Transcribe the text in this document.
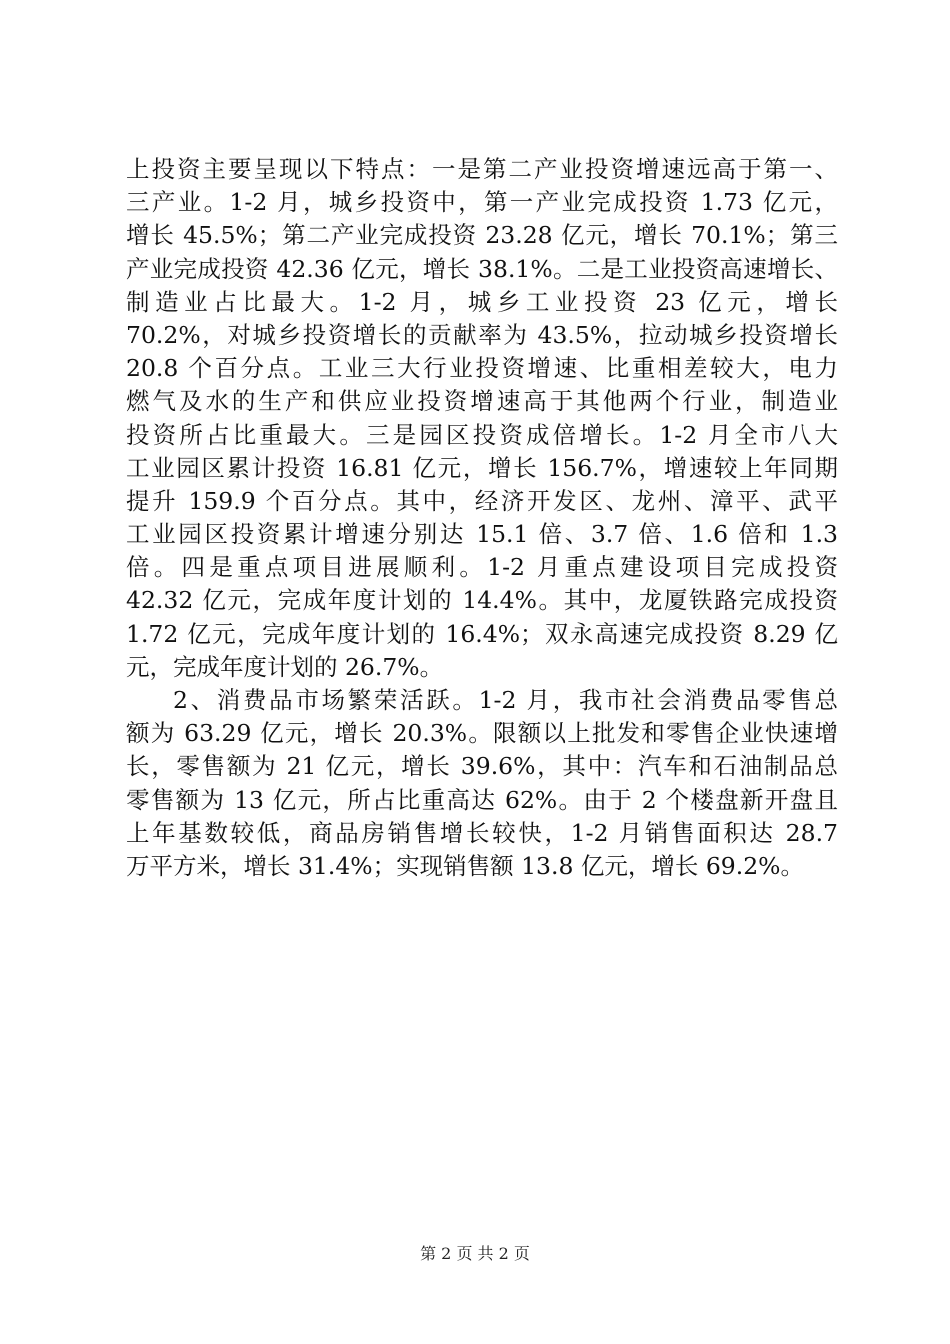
上投资主要呈现以下特点：一是第二产业投资增速远高于第一、
三产业。1-2 月，城乡投资中，第一产业完成投资 1.73 亿元，
增长 45.5%；第二产业完成投资 23.28 亿元，增长 70.1%；第三
产业完成投资 42.36 亿元，增长 38.1%。二是工业投资高速增长、
制造业占比最大。1-2 月，城乡工业投资 23 亿元，增长
70.2%，对城乡投资增长的贡献率为 43.5%，拉动城乡投资增长
20.8 个百分点。工业三大行业投资增速、比重相差较大，电力
燃气及水的生产和供应业投资增速高于其他两个行业，制造业
投资所占比重最大。三是园区投资成倍增长。1-2 月全市八大
工业园区累计投资 16.81 亿元，增长 156.7%，增速较上年同期
提升 159.9 个百分点。其中，经济开发区、龙州、漳平、武平
工业园区投资累计增速分别达 15.1 倍、3.7 倍、1.6 倍和 1.3
倍。四是重点项目进展顺利。1-2 月重点建设项目完成投资
42.32 亿元，完成年度计划的 14.4%。其中，龙厦铁路完成投资
1.72 亿元，完成年度计划的 16.4%；双永高速完成投资 8.29 亿
元，完成年度计划的 26.7%。
2、消费品市场繁荣活跃。1-2 月，我市社会消费品零售总
额为 63.29 亿元，增长 20.3%。限额以上批发和零售企业快速增
长，零售额为 21 亿元，增长 39.6%，其中：汽车和石油制品总
零售额为 13 亿元，所占比重高达 62%。由于 2 个楼盘新开盘且
上年基数较低，商品房销售增长较快，1-2 月销售面积达 28.7
万平方米，增长 31.4%；实现销售额 13.8 亿元，增长 69.2%。
第 2 页 共 2 页
